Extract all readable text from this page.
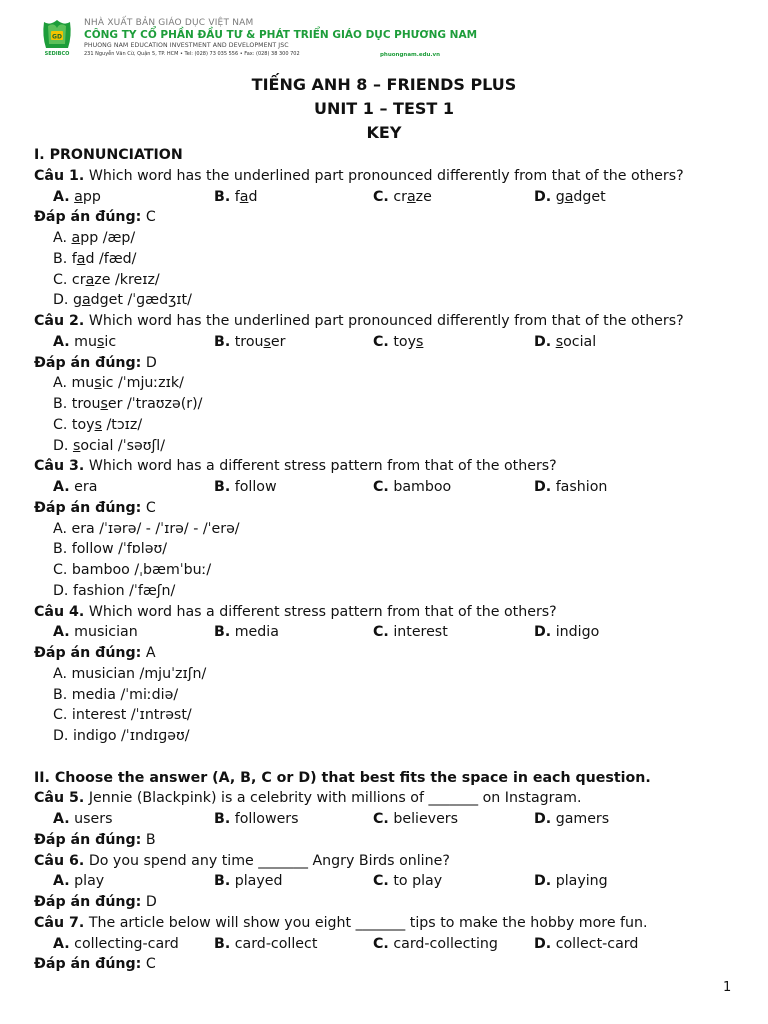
GD
SEDIBCO
NHÀ XUẤT BẢN GIÁO DỤC VIỆT NAM
CÔNG TY CỔ PHẦN ĐẦU TƯ & PHÁT TRIỂN GIÁO DỤC PHƯƠNG NAM
PHUONG NAM EDUCATION INVESTMENT AND DEVELOPMENT JSC
231 Nguyễn Văn Cừ, Quận 5, TP. HCM • Tel: (028) 73 035 556 • Fax: (028) 38 300 702	phuongnam.edu.vn
TIẾNG ANH 8 – FRIENDS PLUS
UNIT 1 – TEST 1
KEY
I. PRONUNCIATION
Câu 1. Which word has the underlined part pronounced differently from that of the others?
A. app	B. fad	C. craze	D. gadget
Đáp án đúng: C
A. app /æp/
B. fad /fæd/
C. craze /kreɪz/
D. gadget /ˈɡædʒɪt/
Câu 2. Which word has the underlined part pronounced differently from that of the others?
A. music	B. trouser	C. toys	D. social
Đáp án đúng: D
A. music /ˈmjuːzɪk/
B. trouser /ˈtraʊzə(r)/
C. toys /tɔɪz/
D. social /ˈsəʊʃl/
Câu 3. Which word has a different stress pattern from that of the others?
A. era	B. follow	C. bamboo	D. fashion
Đáp án đúng: C
A. era /ˈɪərə/ - /ˈɪrə/ - /ˈerə/
B. follow /ˈfɒləʊ/
C. bamboo /ˌbæmˈbuː/
D. fashion /ˈfæʃn/
Câu 4. Which word has a different stress pattern from that of the others?
A. musician	B. media	C. interest	D. indigo
Đáp án đúng: A
A. musician /mjuˈzɪʃn/
B. media /ˈmiːdiə/
C. interest /ˈɪntrəst/
D. indigo /ˈɪndɪɡəʊ/
II. Choose the answer (A, B, C or D) that best fits the space in each question.
Câu 5. Jennie (Blackpink) is a celebrity with millions of _______ on Instagram.
A. users	B. followers	C. believers	D. gamers
Đáp án đúng: B
Câu 6. Do you spend any time _______ Angry Birds online?
A. play	B. played	C. to play	D. playing
Đáp án đúng: D
Câu 7. The article below will show you eight _______ tips to make the hobby more fun.
A. collecting-card B. card-collect	C. card-collecting	D. collect-card
Đáp án đúng: C
1
